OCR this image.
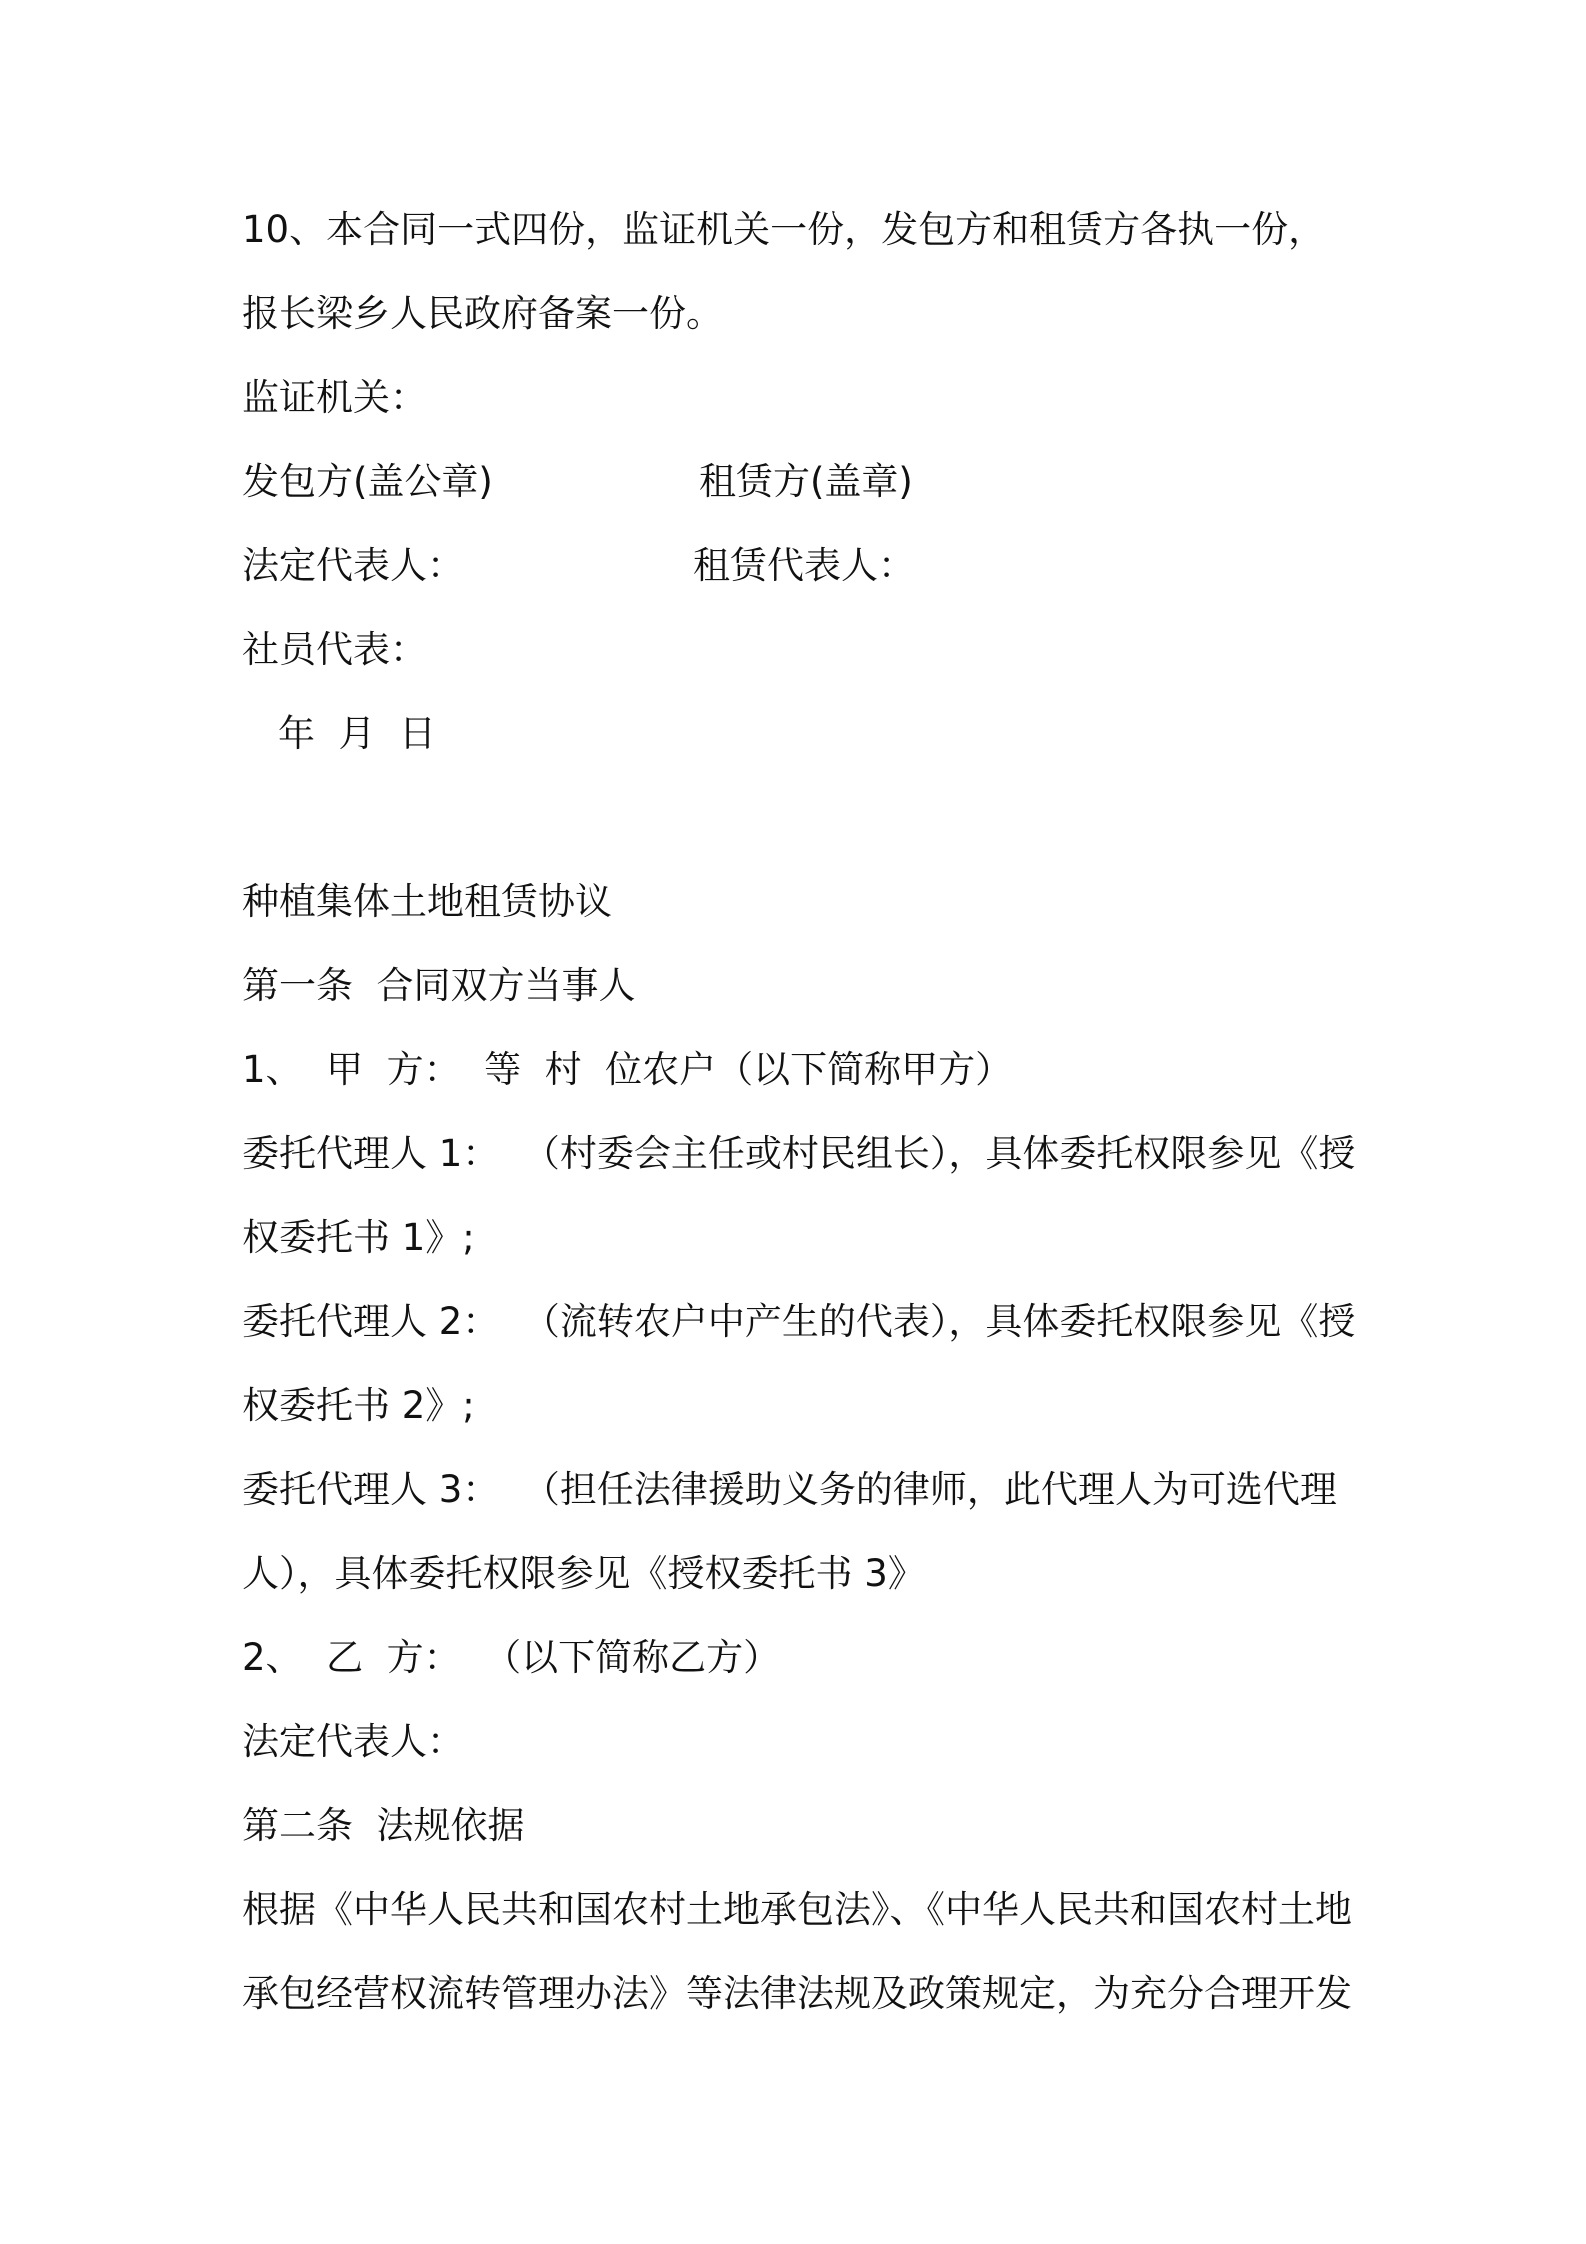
10、本合同一式四份，监证机关一份，发包方和租赁方各执一份，
报长梁乡人民政府备案一份。
监证机关：
发包方(盖公章)	租赁方(盖章)
法定代表人：	租赁代表人：
社员代表：
年  月  日
种植集体土地租赁协议
第一条  合同双方当事人
1、  甲  方：  等  村  位农户（以下简称甲方）
委托代理人 1：  （村委会主任或村民组长），具体委托权限参见《授
权委托书 1》;
委托代理人 2：  （流转农户中产生的代表），具体委托权限参见《授
权委托书 2》;
委托代理人 3：  （担任法律援助义务的律师，此代理人为可选代理
人），具体委托权限参见《授权委托书 3》
2、  乙  方：  （以下简称乙方）
法定代表人：
第二条  法规依据
根据《中华人民共和国农村土地承包法》、《中华人民共和国农村土地
承包经营权流转管理办法》等法律法规及政策规定，为充分合理开发
